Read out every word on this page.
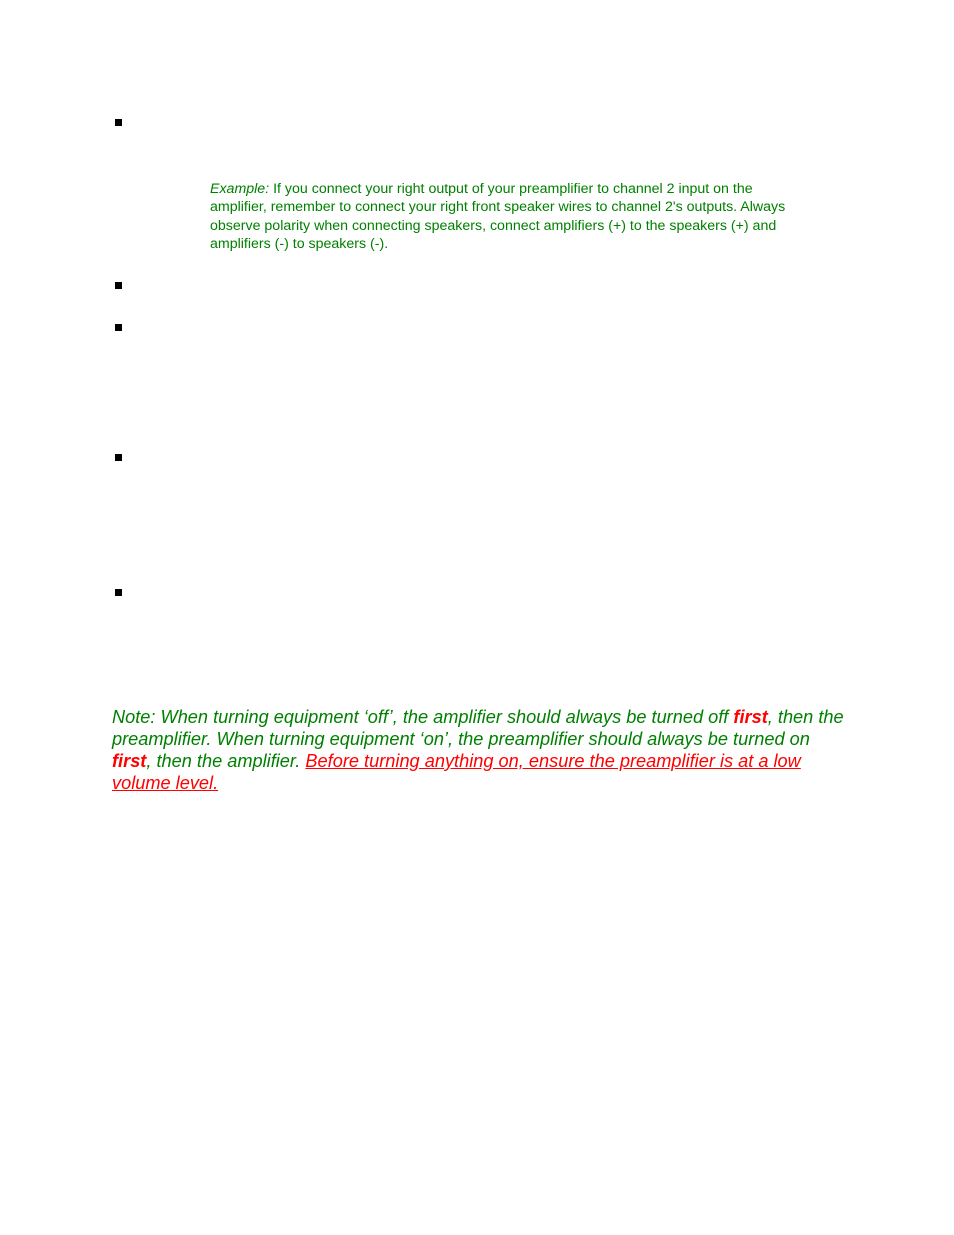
Example: If you connect your right output of your preamplifier to channel 2 input on the amplifier, remember to connect your right front speaker wires to channel 2's outputs. Always observe polarity when connecting speakers, connect amplifiers (+) to the speakers (+) and amplifiers (-) to speakers (-).
Note: When turning equipment ‘off’, the amplifier should always be turned off first, then the preamplifier. When turning equipment ‘on’, the preamplifier should always be turned on first, then the amplifier. Before turning anything on, ensure the preamplifier is at a low volume level.
